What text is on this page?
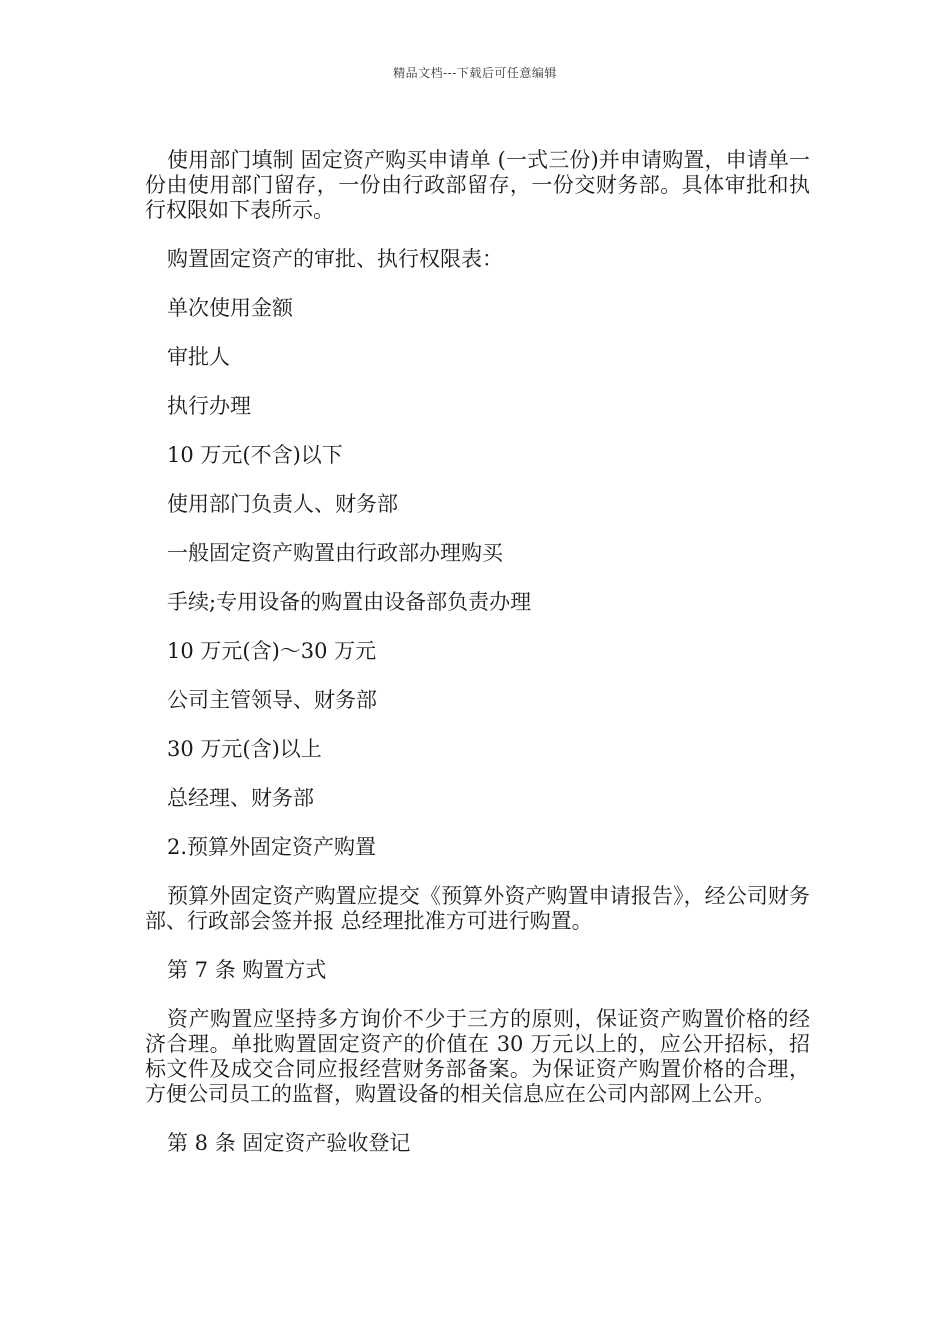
精品文档---下载后可任意编辑

使用部门填制 固定资产购买申请单 (一式三份)并申请购置，申请单一份由使用部门留存，一份由行政部留存，一份交财务部。具体审批和执行权限如下表所示。

购置固定资产的审批、执行权限表：

单次使用金额

审批人

执行办理

10 万元(不含)以下

使用部门负责人、财务部

一般固定资产购置由行政部办理购买

手续;专用设备的购置由设备部负责办理

10 万元(含)～30 万元

公司主管领导、财务部

30 万元(含)以上

总经理、财务部

2.预算外固定资产购置

预算外固定资产购置应提交《预算外资产购置申请报告》，经公司财务部、行政部会签并报 总经理批准方可进行购置。

第 7 条 购置方式

资产购置应坚持多方询价不少于三方的原则，保证资产购置价格的经济合理。单批购置固定资产的价值在 30 万元以上的，应公开招标，招标文件及成交合同应报经营财务部备案。为保证资产购置价格的合理，方便公司员工的监督，购置设备的相关信息应在公司内部网上公开。

第 8 条 固定资产验收登记
